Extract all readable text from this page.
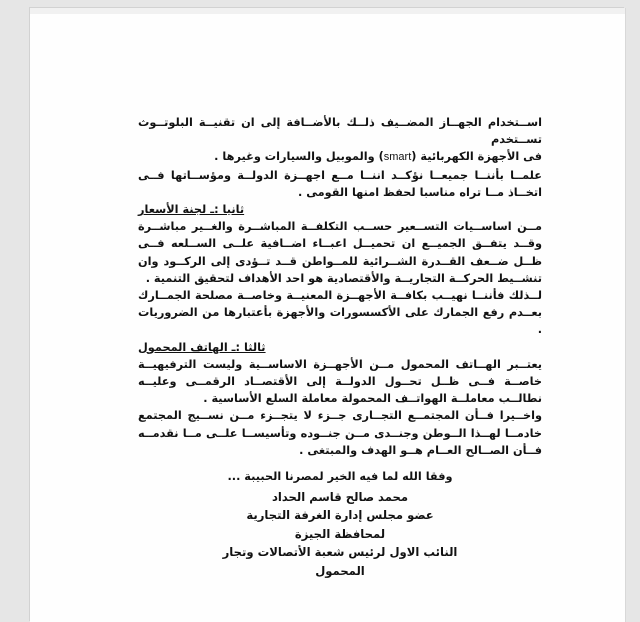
اســتخدام الجهــاز المضــيف ذلــك بالأضــافة إلى ان تقنيــة البلوتــوث تســتخدم

فى الأجهزة الكهربائية (smart) والموبيل والسيارات وغيرها .

علمــا بأننــا جميعــا نؤكــد اننــا مــع اجهــزة الدولــة ومؤســاتها فــى اتخــاذ مــا تراه مناسبا لحفظ امنها القومى .

ثانيا :ـ لجنة الأسعار

مــن اساســيات التســعير حســب التكلفــة المباشــرة والغــير مباشــرة وقــد يتفــق الجميــع ان تحميــل اعبــاء اضــافية علــى الســلعه فــى ظــل ضــعف القــدرة الشــرائية للمــواطن قــد تــؤدى إلى الركــود وان تنشــيط الحركــة التجاريــة والأقتصادية هو احد الأهداف لتحقيق التنمية .

لــذلك فأننــا نهيــب بكافــة الأجهــزة المعنيــة وخاصــة مصلحة الجمــارك بعــدم رفع الجمارك على الأكسسورات والأجهزة بأعتبارها من الضروريات .

ثالثا :ـ الهاتف المحمول

يعتــبر الهــاتف المحمول مــن الأجهــزة الاساســية وليست الترفيهيــة خاصــة فــى ظــل تحــول الدولــة إلى الأقتصــاد الرقمــى وعليــه نطالــب معاملــة الهواتــف المحمولة معاملة السلع الأساسية .

واخــيرا فــأن المجتمــع التجــارى جــزء لا يتجــزء مــن نســيج المجتمع خادمــا لهــذا الــوطن وجنــدى مــن جنــوده وتأسيســا علــى مــا نقدمــه فــأن الصــالح العــام هــو الهدف والمبتغى .

وفقا الله لما فيه الخير لمصرنا الحبيبة ...

محمد صالح قاسم الحداد
عضو مجلس إدارة الغرفة التجارية
لمحافظة الجيزة
النائب الاول لرئيس شعبة الأتصالات وتجار
المحمول
